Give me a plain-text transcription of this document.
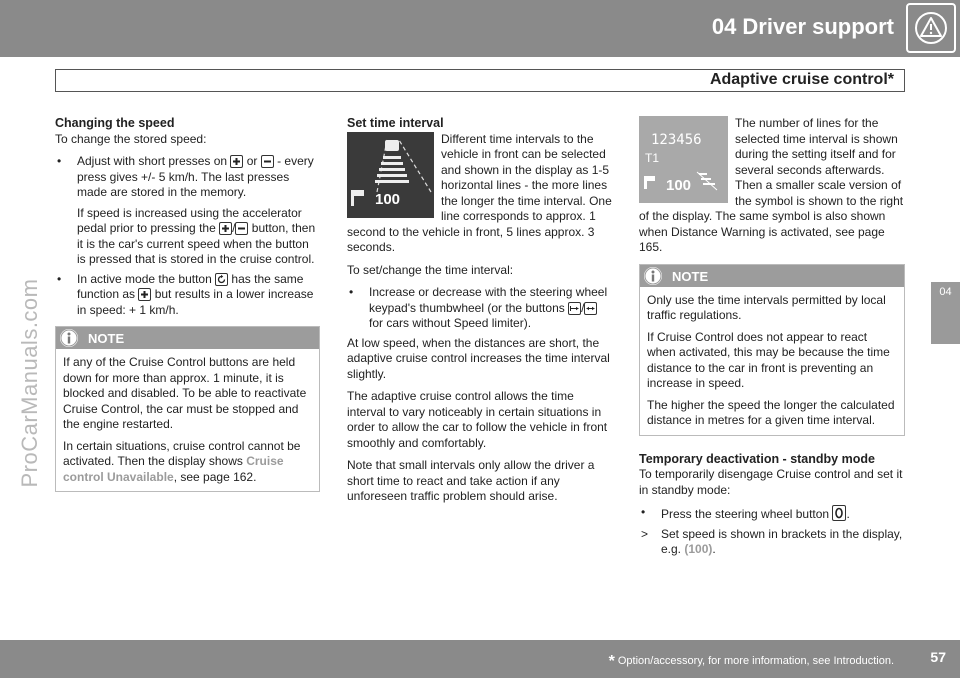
04 Driver support
Adaptive cruise control*
ProCarManuals.com	04
Changing the speed

To change the stored speed:

• Adjust with short presses on
or
- every press gives +/- 5 km/h. The last presses made are stored in the memory.

If speed is increased using the accelerator pedal prior to pressing the
/
button, then it is the car's current speed when the button is pressed that is stored in the cruise control.

• In active mode the button
has the same function as
but results in a lower increase in speed: + 1 km/h.
NOTE

If any of the Cruise Control buttons are held down for more than approx. 1 minute, it is blocked and disabled. To be able to reactivate Cruise Control, the car must be stopped and the engine restarted.

In certain situations, cruise control cannot be activated. Then the display shows Cruise control Unavailable, see page 162.

Set time interval
100

Different time intervals to the vehicle in front can be selected and shown in the display as 1-5 horizontal lines - the more lines the longer the time interval. One line corresponds to approx. 1 second to the vehicle in front, 5 lines approx. 3 seconds.

To set/change the time interval:

• Increase or decrease with the steering wheel keypad's thumbwheel (or the buttons
/
for cars without Speed limiter).

At low speed, when the distances are short, the adaptive cruise control increases the time interval slightly.

The adaptive cruise control allows the time interval to vary noticeably in certain situations in order to allow the car to follow the vehicle in front smoothly and comfortably.

Note that small intervals only allow the driver a short time to react and take action if any unforeseen traffic problem should arise.

123456
T1
100

The number of lines for the selected time interval is shown during the setting itself and for several seconds afterwards. Then a smaller scale version of the symbol is shown to the right of the display. The same symbol is also shown when Distance Warning is activated, see page 165.

NOTE

Only use the time intervals permitted by local traffic regulations.

If Cruise Control does not appear to react when activated, this may be because the time distance to the car in front is preventing an increase in speed.

The higher the speed the longer the calculated distance in metres for a given time interval.

Temporary deactivation - standby mode

To temporarily disengage Cruise control and set it in standby mode:

• Press the steering wheel button
.
> Set speed is shown in brackets in the display, e.g. (100).
* Option/accessory, for more information, see Introduction.	57
